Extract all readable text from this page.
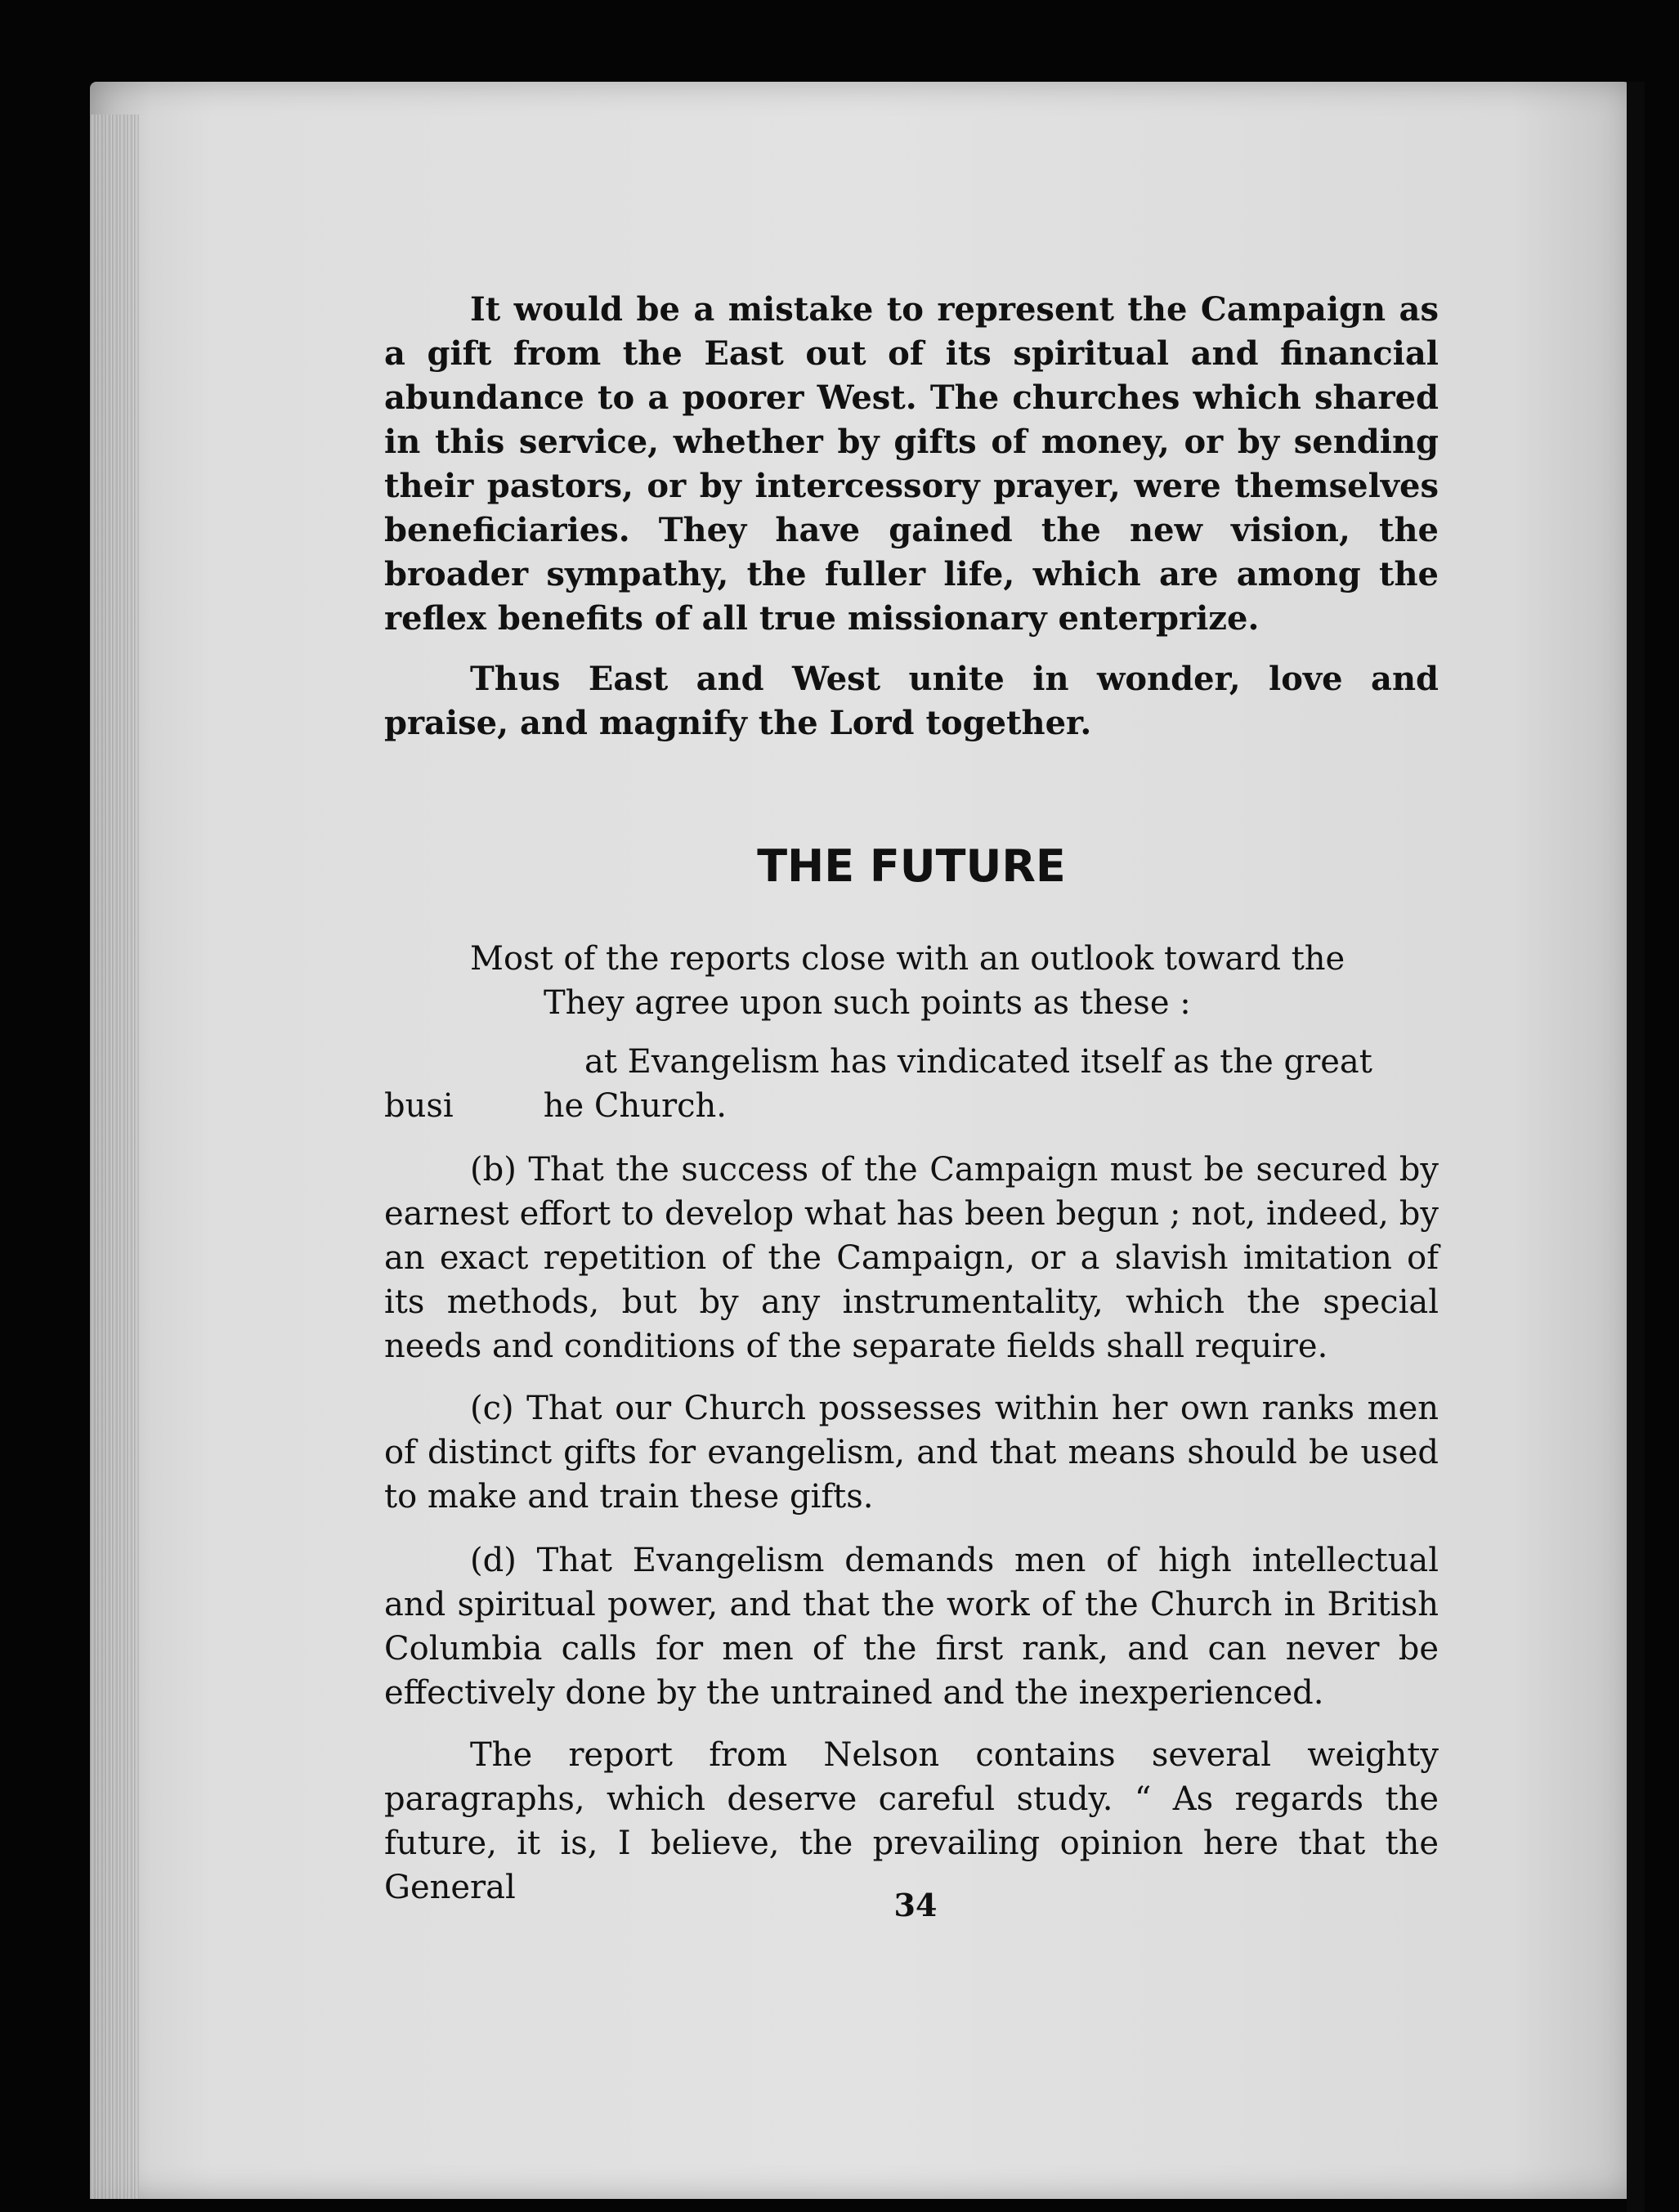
It would be a mistake to represent the Campaign as a gift from the East out of its spiritual and financial abundance to a poorer West. The churches which shared in this service, whether by gifts of money, or by sending their pastors, or by intercessory prayer, were themselves beneficiaries. They have gained the new vision, the broader sympathy, the fuller life, which are among the reflex benefits of all true missionary enterprize.

Thus East and West unite in wonder, love and praise, and magnify the Lord together.

THE FUTURE

Most of the reports close with an outlook toward the

They agree upon such points as these :

at Evangelism has vindicated itself as the great

busi	he Church.

(b) That the success of the Campaign must be secured by earnest effort to develop what has been begun ; not, indeed, by an exact repetition of the Campaign, or a slavish imitation of its methods, but by any instrumentality, which the special needs and conditions of the separate fields shall require.

(c) That our Church possesses within her own ranks men of distinct gifts for evangelism, and that means should be used to make and train these gifts.

(d) That Evangelism demands men of high intellectual and spiritual power, and that the work of the Church in British Columbia calls for men of the first rank, and can never be effectively done by the untrained and the inexperienced.

The report from Nelson contains several weighty paragraphs, which deserve careful study. “ As regards the future, it is, I believe, the prevailing opinion here that the General	34
